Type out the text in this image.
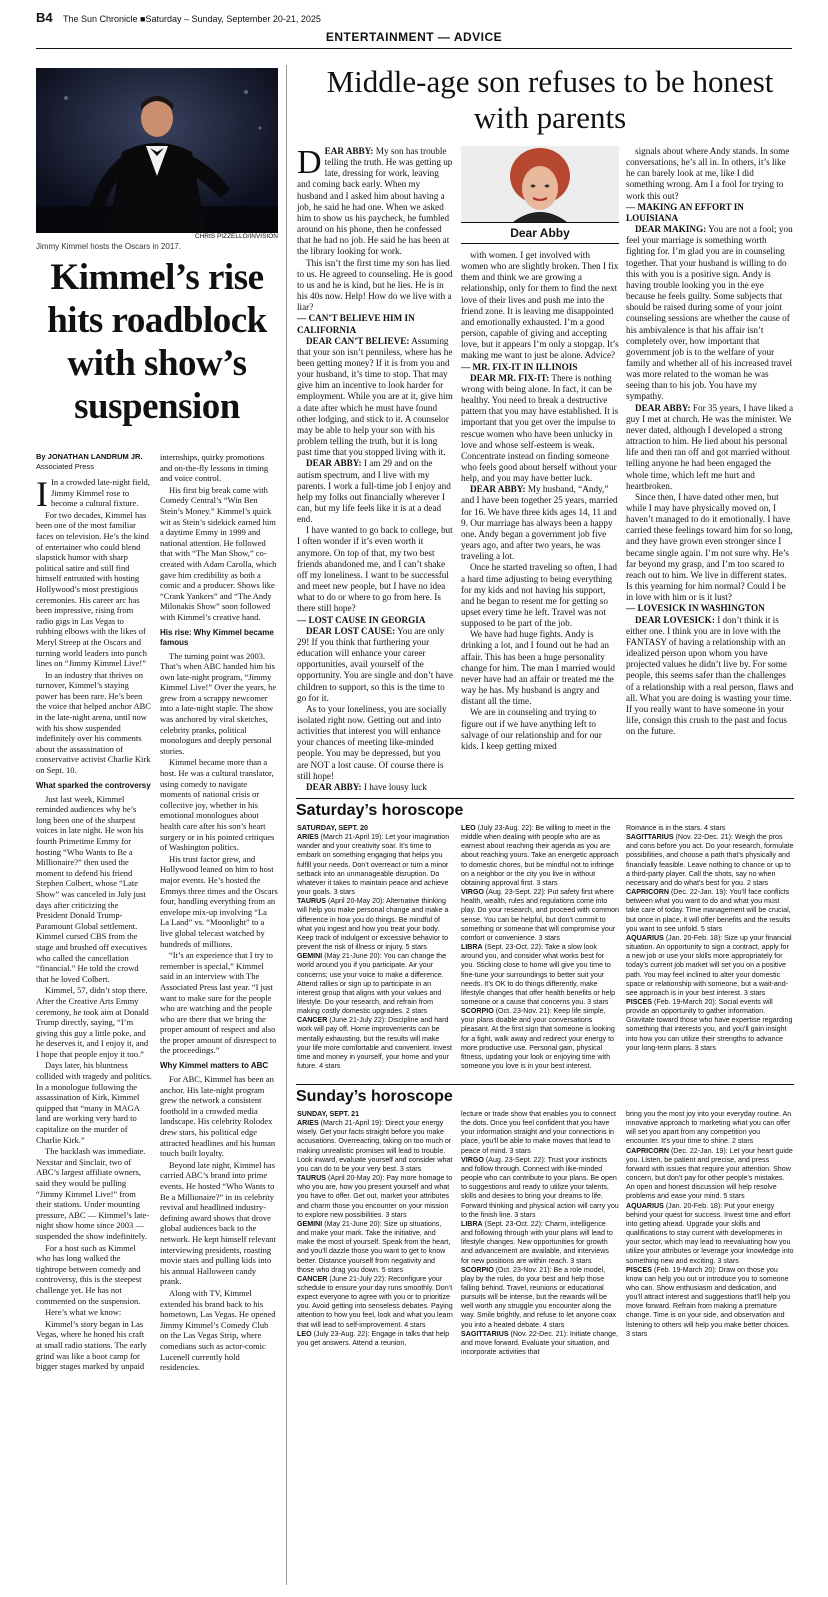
B4 The Sun Chronicle ■Saturday – Sunday, September 20-21, 2025
ENTERTAINMENT — ADVICE
CHRIS PIZZELLO/INVISION
Jimmy Kimmel hosts the Oscars in 2017.
Kimmel’s rise hits roadblock with show’s suspension
By JONATHAN LANDRUM JR.
Associated Press

I In a crowded late-night field, Jimmy Kimmel rose to become a cultural fixture.

For two decades, Kimmel has been one of the most familiar faces on television. He’s the kind of entertainer who could blend slapstick humor with sharp political satire and still find himself entrusted with hosting Hollywood’s most prestigious ceremonies. His career arc has been impressive, rising from radio gigs in Las Vegas to rubbing elbows with the likes of Meryl Streep at the Oscars and turning world leaders into punch lines on “Jimmy Kimmel Live!”

In an industry that thrives on turnover, Kimmel’s staying power has been rare. He’s been the voice that helped anchor ABC in the late-night arena, until now with his show suspended indefinitely over his comments about the assassination of conservative activist Charlie Kirk on Sept. 10.

What sparked the controversy

Just last week, Kimmel reminded audiences why he’s long been one of the sharpest voices in late night. He won his fourth Primetime Emmy for hosting “Who Wants to Be a Millionaire?” then used the moment to defend his friend Stephen Colbert, whose “Late Show” was canceled in July just days after criticizing the President Donald Trump-Paramount Global settlement. Kimmel cursed CBS from the stage and brushed off executives who called the cancellation “financial.” He told the crowd that he loved Colbert.

Kimmel, 57, didn’t stop there. After the Creative Arts Emmy ceremony, he took aim at Donald Trump directly, saying, “I’m giving this guy a little poke, and he deserves it, and I enjoy it, and I hope that people enjoy it too.”

Days later, his bluntness collided with tragedy and politics. In a monologue following the assassination of Kirk, Kimmel quipped that “many in MAGA land are working very hard to capitalize on the murder of Charlie Kirk.”

The backlash was immediate. Nexstar and Sinclair, two of ABC’s largest affiliate owners, said they would be pulling “Jimmy Kimmel Live!” from their stations. Under mounting pressure, ABC — Kimmel’s late-night show home since 2003 — suspended the show indefinitely.

For a host such as Kimmel who has long walked the tightrope between comedy and controversy, this is the steepest challenge yet. He has not commented on the suspension.

Here’s what we know:

Kimmel’s story began in Las Vegas, where he honed his craft at small radio stations. The early grind was like a boot camp for bigger stages marked by unpaid

internships, quirky promotions and on-the-fly lessons in timing and voice control.

His first big break came with Comedy Central’s “Win Ben Stein’s Money.” Kimmel’s quick wit as Stein’s sidekick earned him a daytime Emmy in 1999 and national attention. He followed that with “The Man Show,” co-created with Adam Carolla, which gave him credibility as both a comic and a producer. Shows like “Crank Yankers” and “The Andy Milonakis Show” soon followed with Kimmel’s creative hand.

His rise: Why Kimmel became famous

The turning point was 2003. That’s when ABC handed him his own late-night program, “Jimmy Kimmel Live!” Over the years, he grew from a scrappy newcomer into a late-night staple. The show was anchored by viral sketches, celebrity pranks, political monologues and deeply personal stories.

Kimmel became more than a host. He was a cultural translator, using comedy to navigate moments of national crisis or collective joy, whether in his emotional monologues about health care after his son’s heart surgery or in his pointed critiques of Washington politics.

His trust factor grew, and Hollywood leaned on him to host major events. He’s hosted the Emmys three times and the Oscars four, handling everything from an envelope mix-up involving “La La Land” vs. “Moonlight” to a live global telecast watched by hundreds of millions.

“It’s an experience that I try to remember is special,” Kimmel said in an interview with The Associated Press last year. “I just want to make sure for the people who are watching and the people who are there that we bring the proper amount of respect and also the proper amount of disrespect to the proceedings.”

Why Kimmel matters to ABC

For ABC, Kimmel has been an anchor. His late-night program grew the network a consistent foothold in a crowded media landscape. His celebrity Rolodex drew stars, his political edge attracted headlines and his human touch built loyalty.

Beyond late night, Kimmel has carried ABC’s brand into prime events. He hosted “Who Wants to Be a Millionaire?” in its celebrity revival and headlined industry-defining award shows that drove global audiences back to the network. He kept himself relevant interviewing presidents, roasting movie stars and pulling kids into his annual Halloween candy prank.

Along with TV, Kimmel extended his brand back to his hometown, Las Vegas. He opened Jimmy Kimmel’s Comedy Club on the Las Vegas Strip, where comedians such as actor-comic Lucenell currently hold residencies.

Middle-age son refuses to be honest with parents
Dear Abby

DEAR ABBY: My son has trouble telling the truth. He was getting up late, dressing for work, leaving and coming back early. When my husband and I asked him about having a job, he said he had one. When we asked him to show us his paycheck, he fumbled around on his phone, then he confessed that he had no job. He said he has been at the library looking for work.

This isn’t the first time my son has lied to us. He agreed to counseling. He is good to us and he is kind, but he lies. He is in his 40s now. Help! How do we live with a liar?

— CAN’T BELIEVE HIM IN CALIFORNIA

DEAR CAN’T BELIEVE: Assuming that your son isn’t penniless, where has he been getting money? If it is from you and your husband, it’s time to stop. That may give him an incentive to look harder for employment. While you are at it, give him a date after which he must have found other lodging, and stick to it. A counselor may be able to help your son with his problem telling the truth, but it is long past time that you stopped living with it.

DEAR ABBY: I am 29 and on the autism spectrum, and I live with my parents. I work a full-time job I enjoy and help my folks out financially wherever I can, but my life feels like it is at a dead end.

I have wanted to go back to college, but I often wonder if it’s even worth it anymore. On top of that, my two best friends abandoned me, and I can’t shake off my loneliness. I want to be successful and meet new people, but I have no idea what to do or where to go from here. Is there still hope?

— LOST CAUSE IN GEORGIA

DEAR LOST CAUSE: You are only 29! If you think that furthering your education will enhance your career opportunities, avail yourself of the opportunity. You are single and don’t have children to support, so this is the time to go for it.

As to your loneliness, you are socially isolated right now. Getting out and into activities that interest you will enhance your chances of meeting like-minded people. You may be depressed, but you are NOT a lost cause. Of course there is still hope!

DEAR ABBY: I have lousy luck

with women. I get involved with women who are slightly broken. Then I fix them and think we are growing a relationship, only for them to find the next love of their lives and push me into the friend zone. It is leaving me disappointed and emotionally exhausted. I’m a good person, capable of giving and accepting love, but it appears I’m only a stopgap. It’s making me want to just be alone. Advice?

— MR. FIX-IT IN ILLINOIS

DEAR MR. FIX-IT: There is nothing wrong with being alone. In fact, it can be healthy. You need to break a destructive pattern that you may have established. It is important that you get over the impulse to rescue women who have been unlucky in love and whose self-esteem is weak. Concentrate instead on finding someone who feels good about herself without your help, and you may have better luck.

DEAR ABBY: My husband, “Andy,” and I have been together 25 years, married for 16. We have three kids ages 14, 11 and 9. Our marriage has always been a happy one. Andy began a government job five years ago, and after two years, he was traveling a lot.

Once he started traveling so often, I had a hard time adjusting to being everything for my kids and not having his support, and he began to resent me for getting so upset every time he left. Travel was not supposed to be part of the job.

We have had huge fights. Andy is drinking a lot, and I found out he had an affair. This has been a huge personality change for him. The man I married would never have had an affair or treated me the way he has. My husband is angry and distant all the time.

We are in counseling and trying to figure out if we have anything left to salvage of our relationship and for our kids. I keep getting mixed

signals about where Andy stands. In some conversations, he’s all in. In others, it’s like he can barely look at me, like I did something wrong. Am I a fool for trying to work this out?

— MAKING AN EFFORT IN LOUISIANA

DEAR MAKING: You are not a fool; you feel your marriage is something worth fighting for. I’m glad you are in counseling together. That your husband is willing to do this with you is a positive sign. Andy is having trouble looking you in the eye because he feels guilty. Some subjects that should be raised during some of your joint counseling sessions are whether the cause of his ambivalence is that his affair isn’t completely over, how important that government job is to the welfare of your family and whether all of his increased travel was more related to the woman he was seeing than to his job. You have my sympathy.

DEAR ABBY: For 35 years, I have liked a guy I met at church. He was the minister. We never dated, although I developed a strong attraction to him. He lied about his personal life and then ran off and got married without telling anyone he had been engaged the whole time, which left me hurt and heartbroken.

Since then, I have dated other men, but while I may have physically moved on, I haven’t managed to do it emotionally. I have carried these feelings toward him for so long, and they have grown even stronger since I became single again. I’m not sure why. He’s far beyond my grasp, and I’m too scared to reach out to him. We live in different states. Is this yearning for him normal? Could I be in love with him or is it lust?

— LOVESICK IN WASHINGTON

DEAR LOVESICK: I don’t think it is either one. I think you are in love with the FANTASY of having a relationship with an idealized person upon whom you have projected values he didn’t live by. For some people, this seems safer than the challenges of a relationship with a real person, flaws and all. What you are doing is wasting your time. If you really want to have someone in your life, consign this crush to the past and focus on the future.

Saturday’s horoscope
SATURDAY, SEPT. 20

ARIES (March 21-April 19): Let your imagination wander and your creativity soar. It’s time to embark on something engaging that helps you fulfill your needs. Don’t overreact or turn a minor setback into an unmanageable disruption. Do whatever it takes to maintain peace and achieve your goals. 3 stars

TAURUS (April 20-May 20): Alternative thinking will help you make personal change and make a difference in how you do things. Be mindful of what you ingest and how you treat your body. Keep track of indulgent or excessive behavior to prevent the risk of illness or injury. 5 stars

GEMINI (May 21-June 20): You can change the world around you if you participate. Air your concerns; use your voice to make a difference. Attend rallies or sign up to participate in an interest group that aligns with your values and lifestyle. Do your research, and refrain from making costly domestic upgrades. 2 stars

CANCER (June 21-July 22): Discipline and hard work will pay off. Home improvements can be mentally exhausting, but the results will make your life more comfortable and convenient. Invest time and money in yourself, your home and your future. 4 stars

LEO (July 23-Aug. 22): Be willing to meet in the middle when dealing with people who are as earnest about reaching their agenda as you are about reaching yours. Take an energetic approach to domestic chores, but be mindful not to infringe on a neighbor or the city you live in without obtaining approval first. 3 stars

VIRGO (Aug. 23-Sept. 22): Put safety first where health, wealth, rules and regulations come into play. Do your research, and proceed with common sense. You can be helpful, but don’t commit to something or someone that will compromise your comfort or convenience. 3 stars

LIBRA (Sept. 23-Oct. 22): Take a slow look around you, and consider what works best for you. Sticking close to home will give you time to fine-tune your surroundings to better suit your needs. It’s OK to do things differently, make lifestyle changes that offer health benefits or help someone or a cause that concerns you. 3 stars

SCORPIO (Oct. 23-Nov. 21): Keep life simple, your plans doable and your conversations pleasant. At the first sign that someone is looking for a fight, walk away and redirect your energy to more productive use. Personal gain, physical fitness, updating your look or enjoying time with someone you love is in your best interest.

Romance is in the stars. 4 stars

SAGITTARIUS (Nov. 22-Dec. 21): Weigh the pros and cons before you act. Do your research, formulate possibilities, and choose a path that’s physically and financially feasible. Leave nothing to chance or up to a third-party player. Call the shots, say no when necessary and do what’s best for you. 2 stars

CAPRICORN (Dec. 22-Jan. 19): You’ll face conflicts between what you want to do and what you must take care of today. Time management will be crucial, but once in place, it will offer benefits and the results you want to see unfold. 5 stars

AQUARIUS (Jan. 20-Feb. 18): Size up your financial situation. An opportunity to sign a contract, apply for a new job or use your skills more appropriately for today’s current job market will set you on a positive path. You may feel inclined to alter your domestic space or relationship with someone, but a wait-and-see approach is in your best interest. 3 stars

PISCES (Feb. 19-March 20): Social events will provide an opportunity to gather information. Gravitate toward those who have expertise regarding something that interests you, and you’ll gain insight into how you can utilize their strengths to advance your long-term plans. 3 stars

Sunday’s horoscope
SUNDAY, SEPT. 21

ARIES (March 21-April 19): Direct your energy wisely. Get your facts straight before you make accusations. Overreacting, taking on too much or making unrealistic promises will lead to trouble. Look inward, evaluate yourself and consider what you can do to be your very best. 3 stars

TAURUS (April 20-May 20): Pay more homage to who you are, how you present yourself and what you have to offer. Get out, market your attributes and charm those you encounter on your mission to explore new possibilities. 3 stars

GEMINI (May 21-June 20): Size up situations, and make your mark. Take the initiative, and make the most of yourself. Speak from the heart, and you’ll dazzle those you want to get to know better. Distance yourself from negativity and those who drag you down. 5 stars

CANCER (June 21-July 22): Reconfigure your schedule to ensure your day runs smoothly. Don’t expect everyone to agree with you or to prioritize you. Avoid getting into senseless debates. Paying attention to how you feel, look and what you learn that will lead to self-improvement. 4 stars

LEO (July 23-Aug. 22): Engage in talks that help you get answers. Attend a reunion,

lecture or trade show that enables you to connect the dots. Once you feel confident that you have your information straight and your connections in place, you’ll be able to make moves that lead to peace of mind. 3 stars

VIRGO (Aug. 23-Sept. 22): Trust your instincts and follow through. Connect with like-minded people who can contribute to your plans. Be open to suggestions and ready to utilize your talents, skills and desires to bring your dreams to life. Forward thinking and physical action will carry you to the finish line. 3 stars

LIBRA (Sept. 23-Oct. 22): Charm, intelligence and following through with your plans will lead to lifestyle changes. New opportunities for growth and advancement are available, and interviews for new positions are within reach. 3 stars

SCORPIO (Oct. 23-Nov. 21): Be a role model, play by the rules, do your best and help those falling behind. Travel, reunions or educational pursuits will be intense, but the rewards will be well worth any struggle you encounter along the way. Smile brightly, and refuse to let anyone coax you into a heated debate. 4 stars

SAGITTARIUS (Nov. 22-Dec. 21): Initiate change, and move forward. Evaluate your situation, and incorporate activities that

bring you the most joy into your everyday routine. An innovative approach to marketing what you can offer will set you apart from any competition you encounter. It’s your time to shine. 2 stars

CAPRICORN (Dec. 22-Jan. 19): Let your heart guide you. Listen, be patient and precise, and press forward with issues that require your attention. Show concern, but don’t pay for other people’s mistakes. An open and honest discussion will help resolve problems and ease your mind. 5 stars

AQUARIUS (Jan. 20-Feb. 18): Put your energy behind your quest for success. Invest time and effort into getting ahead. Upgrade your skills and qualifications to stay current with developments in your sector, which may lead to reevaluating how you utilize your attributes or leverage your knowledge into something new and exciting. 3 stars

PISCES (Feb. 19-March 20): Draw on those you know can help you out or introduce you to someone who can. Show enthusiasm and dedication, and you’ll attract interest and suggestions that’ll help you move forward. Refrain from making a premature change. Time is on your side, and observation and listening to others will help you make better choices. 3 stars
